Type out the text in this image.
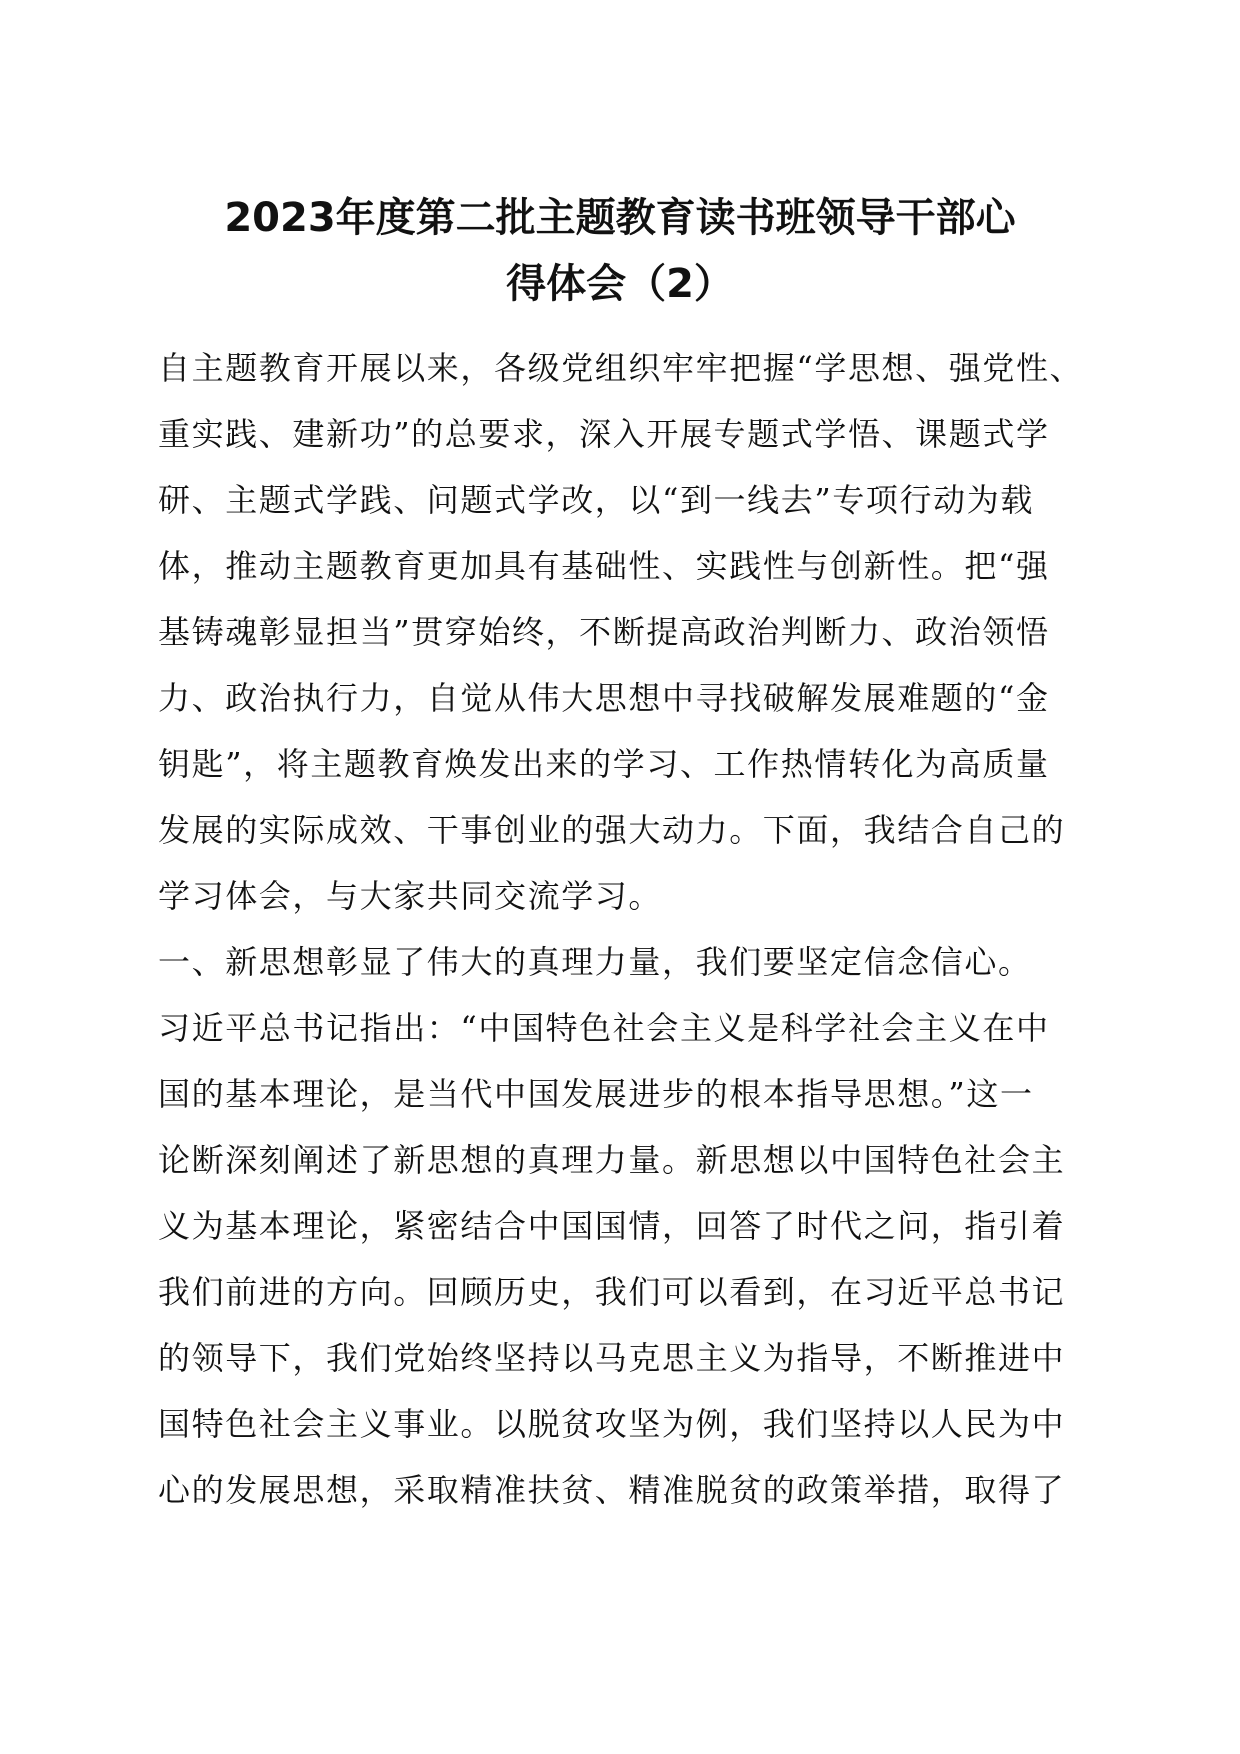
2023年度第二批主题教育读书班领导干部心
得体会（2）

自主题教育开展以来，各级党组织牢牢把握“学思想、强党性、

重实践、建新功”的总要求，深入开展专题式学悟、课题式学

研、主题式学践、问题式学改，以“到一线去”专项行动为载

体，推动主题教育更加具有基础性、实践性与创新性。把“强

基铸魂彰显担当”贯穿始终，不断提高政治判断力、政治领悟

力、政治执行力，自觉从伟大思想中寻找破解发展难题的“金

钥匙”，将主题教育焕发出来的学习、工作热情转化为高质量

发展的实际成效、干事创业的强大动力。下面，我结合自己的

学习体会，与大家共同交流学习。

一、新思想彰显了伟大的真理力量，我们要坚定信念信心。

习近平总书记指出：“中国特色社会主义是科学社会主义在中

国的基本理论，是当代中国发展进步的根本指导思想。”这一

论断深刻阐述了新思想的真理力量。新思想以中国特色社会主

义为基本理论，紧密结合中国国情，回答了时代之问，指引着

我们前进的方向。回顾历史，我们可以看到，在习近平总书记

的领导下，我们党始终坚持以马克思主义为指导，不断推进中

国特色社会主义事业。以脱贫攻坚为例，我们坚持以人民为中

心的发展思想，采取精准扶贫、精准脱贫的政策举措，取得了
